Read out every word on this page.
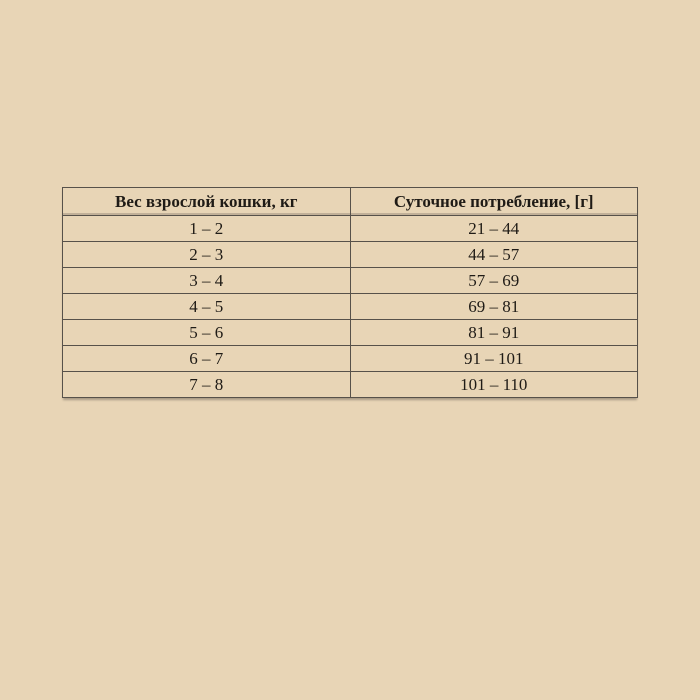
Вес взрослой кошки, кг	Суточное потребление, [г]
1 – 2	21 – 44
2 – 3	44 – 57
3 – 4	57 – 69
4 – 5	69 – 81
5 – 6	81 – 91
6 – 7	91 – 101
7 – 8	101 – 110
